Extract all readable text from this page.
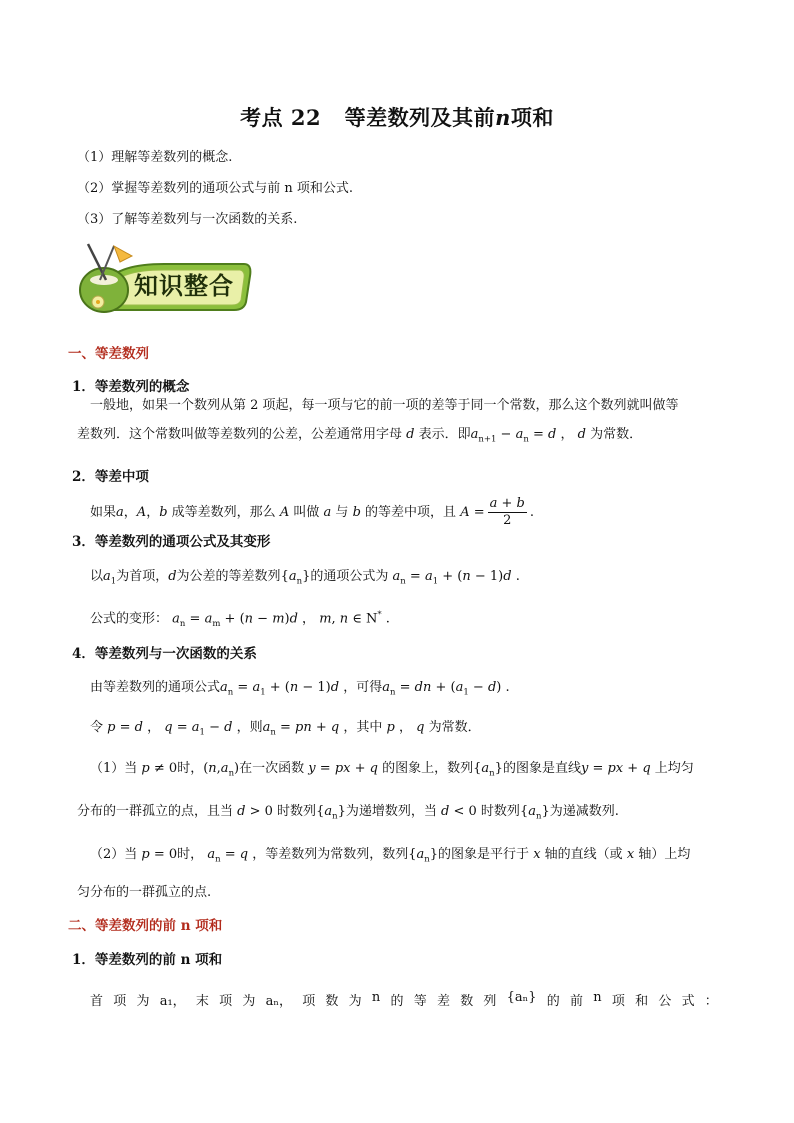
考点 22 等差数列及其前n项和
（1）理解等差数列的概念.
（2）掌握等差数列的通项公式与前 n 项和公式.
（3）了解等差数列与一次函数的关系.
知识整合
一、等差数列
1．等差数列的概念
一般地，如果一个数列从第 2 项起，每一项与它的前一项的差等于同一个常数，那么这个数列就叫做等
差数列．这个常数叫做等差数列的公差，公差通常用字母 d 表示．即$a_{n+1} - a_n = d$ ， d 为常数．
2．等差中项
如果a，A，b 成等差数列，那么 A 叫做 a 与 b 的等差中项，且 $A = \frac{a + b}{2}$ .
3．等差数列的通项公式及其变形
以$a_1$为首项，d为公差的等差数列$\{a_n\}$的通项公式为 $a_n = a_1 + (n - 1)d$ .
公式的变形： $a_n = a_m + (n - m)d$ ， m, n ∈ N* .
4．等差数列与一次函数的关系
由等差数列的通项公式$a_n = a_1 + (n - 1)d$ ，可得$a_n$ = dn + $(a_1 - d)$ .
令 p = d ， $q = a_1 - d$ ，则$a_n$ = pn + q ，其中 p ， q 为常数．
（1）当 p ≠ 0时，$(n,a_n)$在一次函数 y = px + q 的图象上，数列$\{a_n\}$的图象是直线y = px + q 上均匀
分布的一群孤立的点，且当 d > 0 时数列$\{a_n\}$为递增数列，当 d < 0 时数列$\{a_n\}$为递减数列.
（2）当 p = 0时， $a_n = q$ ，等差数列为常数列，数列$\{a_n\}$的图象是平行于 x 轴的直线（或 x 轴）上均
匀分布的一群孤立的点.
二、等差数列的前 n 项和
1．等差数列的前 n 项和
首 项 为 a₁， 末 项 为 aₙ， 项 数 为 n 的 等 差 数 列 {aₙ} 的 前 n 项 和 公 式 ：
